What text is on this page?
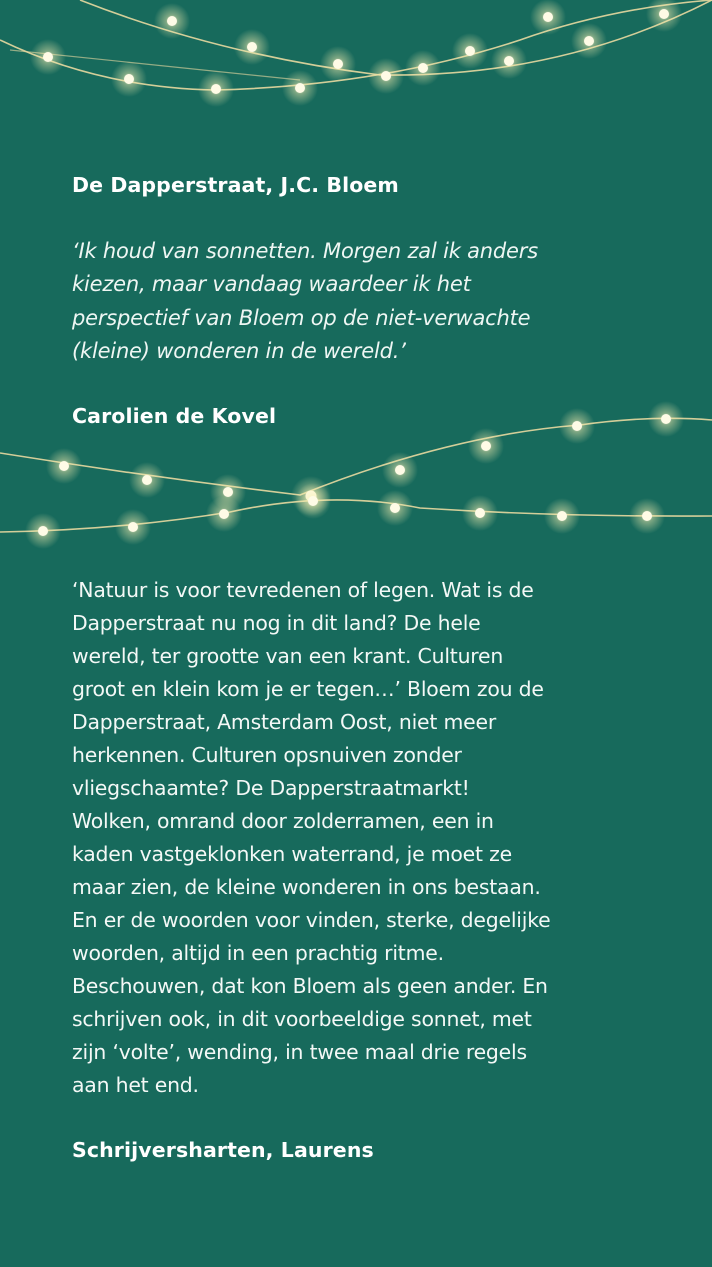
De Dapperstraat, J.C. Bloem
‘Ik houd van sonnetten. Morgen zal ik anders
kiezen, maar vandaag waardeer ik het
perspectief van Bloem op de niet-verwachte
(kleine) wonderen in de wereld.’
Carolien de Kovel
‘Natuur is voor tevredenen of legen. Wat is de
Dapperstraat nu nog in dit land? De hele
wereld, ter grootte van een krant. Culturen
groot en klein kom je er tegen…’ Bloem zou de
Dapperstraat, Amsterdam Oost, niet meer
herkennen. Culturen opsnuiven zonder
vliegschaamte? De Dapperstraatmarkt!
Wolken, omrand door zolderramen, een in
kaden vastgeklonken waterrand, je moet ze
maar zien, de kleine wonderen in ons bestaan.
En er de woorden voor vinden, sterke, degelijke
woorden, altijd in een prachtig ritme.
Beschouwen, dat kon Bloem als geen ander. En
schrijven ook, in dit voorbeeldige sonnet, met
zijn ‘volte’, wending, in twee maal drie regels
aan het end.
Schrijversharten, Laurens
